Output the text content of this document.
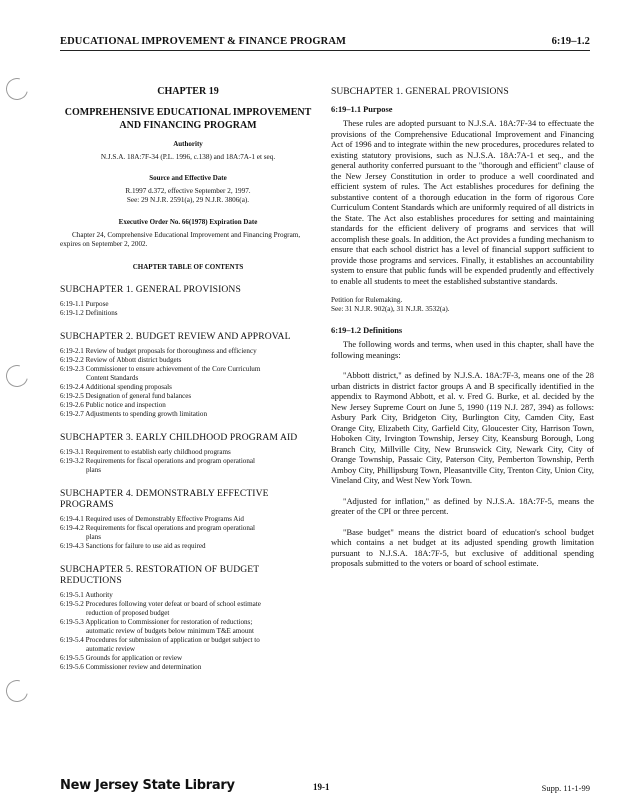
EDUCATIONAL IMPROVEMENT & FINANCE PROGRAM	6:19–1.2
CHAPTER 19
COMPREHENSIVE EDUCATIONAL IMPROVEMENT AND FINANCING PROGRAM
Authority
N.J.S.A. 18A:7F-34 (P.L. 1996, c.138) and 18A:7A-1 et seq.
Source and Effective Date
R.1997 d.372, effective September 2, 1997.
See: 29 N.J.R. 2591(a), 29 N.J.R. 3806(a).
Executive Order No. 66(1978) Expiration Date
Chapter 24, Comprehensive Educational Improvement and Financing Program, expires on September 2, 2002.
CHAPTER TABLE OF CONTENTS
SUBCHAPTER 1. GENERAL PROVISIONS
6:19-1.1 Purpose
6:19-1.2 Definitions
SUBCHAPTER 2. BUDGET REVIEW AND APPROVAL
6:19-2.1 Review of budget proposals for thoroughness and efficiency
6:19-2.2 Review of Abbott district budgets
6:19-2.3 Commissioner to ensure achievement of the Core Curriculum
Content Standards
6:19-2.4 Additional spending proposals
6:19-2.5 Designation of general fund balances
6:19-2.6 Public notice and inspection
6:19-2.7 Adjustments to spending growth limitation
SUBCHAPTER 3. EARLY CHILDHOOD PROGRAM AID
6:19-3.1 Requirement to establish early childhood programs
6:19-3.2 Requirements for fiscal operations and program operational
plans
SUBCHAPTER 4. DEMONSTRABLY EFFECTIVE PROGRAMS
6:19-4.1 Required uses of Demonstrably Effective Programs Aid
6:19-4.2 Requirements for fiscal operations and program operational
plans
6:19-4.3 Sanctions for failure to use aid as required
SUBCHAPTER 5. RESTORATION OF BUDGET REDUCTIONS
6:19-5.1 Authority
6:19-5.2 Procedures following voter defeat or board of school estimate
reduction of proposed budget
6:19-5.3 Application to Commissioner for restoration of reductions;
automatic review of budgets below minimum T&E amount
6:19-5.4 Procedures for submission of application or budget subject to
automatic review
6:19-5.5 Grounds for application or review
6:19-5.6 Commissioner review and determination
SUBCHAPTER 1. GENERAL PROVISIONS
6:19–1.1 Purpose

These rules are adopted pursuant to N.J.S.A. 18A:7F-34 to effectuate the provisions of the Comprehensive Educational Improvement and Financing Act of 1996 and to integrate within the new procedures, procedures related to existing statutory provisions, such as N.J.S.A. 18A:7A-1 et seq., and the general authority conferred pursuant to the "thorough and efficient" clause of the New Jersey Constitution in order to produce a well coordinated and efficient system of rules. The Act establishes procedures for defining the substantive content of a thorough education in the form of rigorous Core Curriculum Content Standards which are uniformly required of all districts in the State. The Act also establishes procedures for setting and maintaining standards for the efficient delivery of programs and services that will accomplish these goals. In addition, the Act provides a funding mechanism to ensure that each school district has a level of financial support sufficient to provide those programs and services. Finally, it establishes an accountability system to ensure that public funds will be expended prudently and effectively to enable all students to meet the established substantive standards.

Petition for Rulemaking.
See: 31 N.J.R. 902(a), 31 N.J.R. 3532(a).
6:19–1.2 Definitions

The following words and terms, when used in this chapter, shall have the following meanings:

"Abbott district," as defined by N.J.S.A. 18A:7F-3, means one of the 28 urban districts in district factor groups A and B specifically identified in the appendix to Raymond Abbott, et al. v. Fred G. Burke, et al. decided by the New Jersey Supreme Court on June 5, 1990 (119 N.J. 287, 394) as follows: Asbury Park City, Bridgeton City, Burlington City, Camden City, East Orange City, Elizabeth City, Garfield City, Gloucester City, Harrison Town, Hoboken City, Irvington Township, Jersey City, Keansburg Borough, Long Branch City, Millville City, New Brunswick City, Newark City, City of Orange Township, Passaic City, Paterson City, Pemberton Township, Perth Amboy City, Phillipsburg Town, Pleasantville City, Trenton City, Union City, Vineland City, and West New York Town.

"Adjusted for inflation," as defined by N.J.S.A. 18A:7F-5, means the greater of the CPI or three percent.

"Base budget" means the district board of education's school budget which contains a net budget at its adjusted spending growth limitation pursuant to N.J.S.A. 18A:7F-5, but exclusive of additional spending proposals submitted to the voters or board of school estimate.

New Jersey State Library	19-1	Supp. 11-1-99
